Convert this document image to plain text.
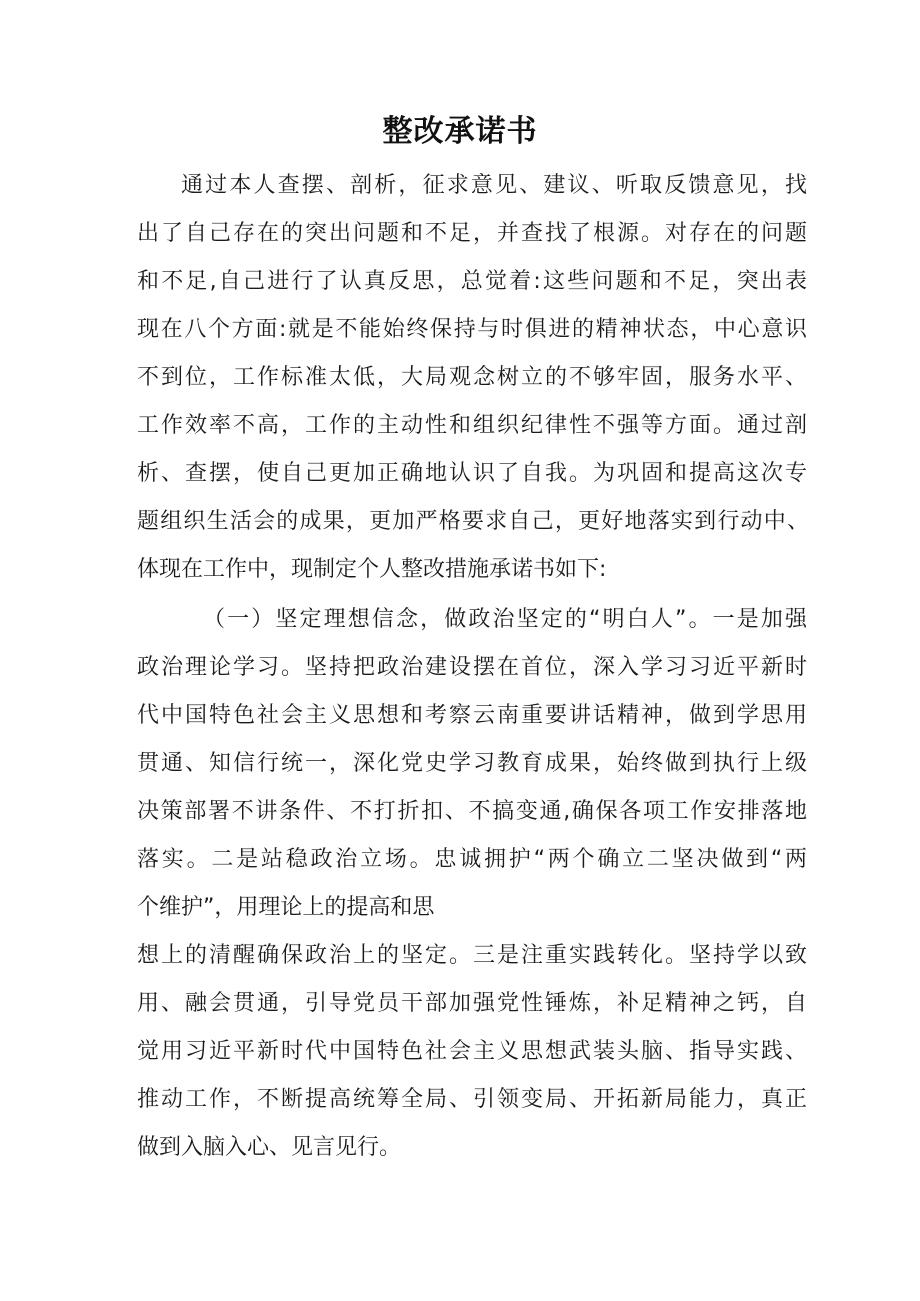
整改承诺书
通过本人查摆、剖析，征求意见、建议、听取反馈意见，找
出了自己存在的突出问题和不足，并查找了根源。对存在的问题
和不足,自己进行了认真反思，总觉着:这些问题和不足，突出表
现在八个方面:就是不能始终保持与时俱进的精神状态，中心意识
不到位，工作标准太低，大局观念树立的不够牢固，服务水平、
工作效率不高，工作的主动性和组织纪律性不强等方面。通过剖
析、查摆，使自己更加正确地认识了自我。为巩固和提高这次专
题组织生活会的成果，更加严格要求自己，更好地落实到行动中、
体现在工作中，现制定个人整改措施承诺书如下:
（一）坚定理想信念，做政治坚定的“明白人”。一是加强
政治理论学习。坚持把政治建设摆在首位，深入学习习近平新时
代中国特色社会主义思想和考察云南重要讲话精神，做到学思用
贯通、知信行统一，深化党史学习教育成果，始终做到执行上级
决策部署不讲条件、不打折扣、不搞变通,确保各项工作安排落地
落实。二是站稳政治立场。忠诚拥护“两个确立二坚决做到“两
个维护”，用理论上的提高和思
想上的清醒确保政治上的坚定。三是注重实践转化。坚持学以致
用、融会贯通，引导党员干部加强党性锤炼，补足精神之钙，自
觉用习近平新时代中国特色社会主义思想武装头脑、指导实践、
推动工作，不断提高统筹全局、引领变局、开拓新局能力，真正
做到入脑入心、见言见行。
